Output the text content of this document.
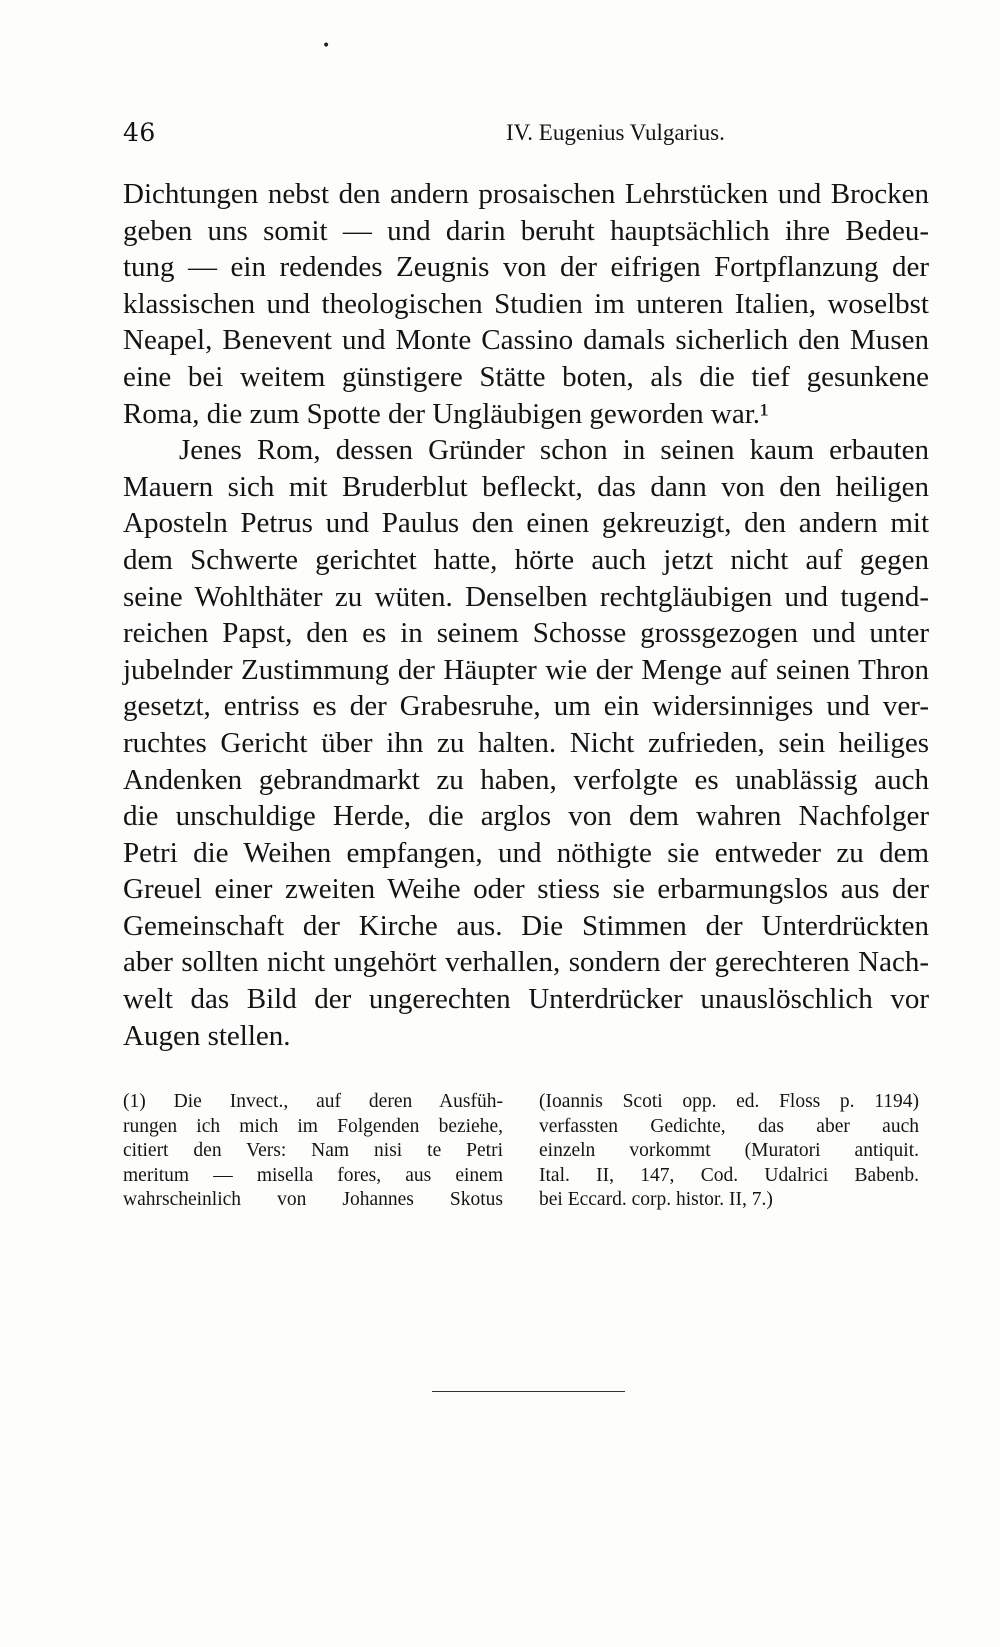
•
46	IV. Eugenius Vulgarius.
Dichtungen nebst den andern prosaischen Lehrstücken und Brocken
geben uns somit — und darin beruht hauptsächlich ihre Bedeu-
tung — ein redendes Zeugnis von der eifrigen Fortpflanzung der
klassischen und theologischen Studien im unteren Italien, woselbst
Neapel, Benevent und Monte Cassino damals sicherlich den Musen
eine bei weitem günstigere Stätte boten, als die tief gesunkene
Roma, die zum Spotte der Ungläubigen geworden war.¹
Jenes Rom, dessen Gründer schon in seinen kaum erbauten
Mauern sich mit Bruderblut befleckt, das dann von den heiligen
Aposteln Petrus und Paulus den einen gekreuzigt, den andern mit
dem Schwerte gerichtet hatte, hörte auch jetzt nicht auf gegen
seine Wohlthäter zu wüten. Denselben rechtgläubigen und tugend-
reichen Papst, den es in seinem Schosse grossgezogen und unter
jubelnder Zustimmung der Häupter wie der Menge auf seinen Thron
gesetzt, entriss es der Grabesruhe, um ein widersinniges und ver-
ruchtes Gericht über ihn zu halten. Nicht zufrieden, sein heiliges
Andenken gebrandmarkt zu haben, verfolgte es unablässig auch
die unschuldige Herde, die arglos von dem wahren Nachfolger
Petri die Weihen empfangen, und nöthigte sie entweder zu dem
Greuel einer zweiten Weihe oder stiess sie erbarmungslos aus der
Gemeinschaft der Kirche aus. Die Stimmen der Unterdrückten
aber sollten nicht ungehört verhallen, sondern der gerechteren Nach-
welt das Bild der ungerechten Unterdrücker unauslöschlich vor
Augen stellen.
(1) Die Invect., auf deren Ausfüh-
rungen ich mich im Folgenden beziehe,
citiert den Vers: Nam nisi te Petri
meritum — misella fores, aus einem
wahrscheinlich von Johannes Skotus
(Ioannis Scoti opp. ed. Floss p. 1194)
verfassten Gedichte, das aber auch
einzeln vorkommt (Muratori antiquit.
Ital. II, 147, Cod. Udalrici Babenb.
bei Eccard. corp. histor. II, 7.)
